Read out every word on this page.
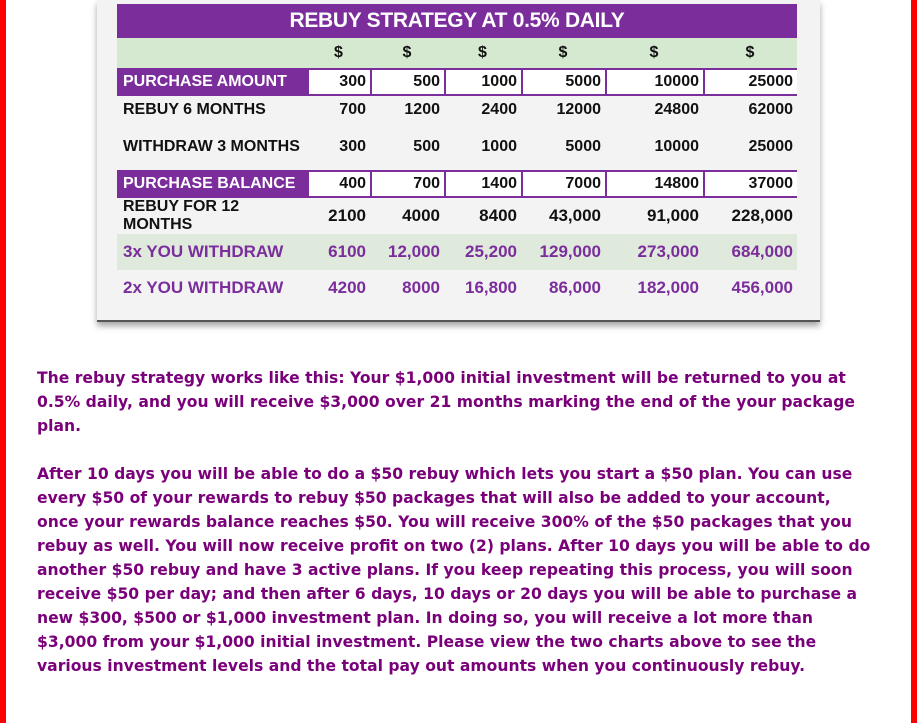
REBUY STRATEGY AT 0.5% DAILY
$	$	$	$	$	$
PURCHASE AMOUNT	300	500	1000	5000	10000	25000
REBUY 6 MONTHS	700	1200	2400	12000	24800	62000
WITHDRAW 3 MONTHS	300	500	1000	5000	10000	25000
PURCHASE BALANCE	400	700	1400	7000	14800	37000
REBUY FOR 12 MONTHS	2100	4000	8400	43,000	91,000	228,000
3x YOU WITHDRAW	6100	12,000	25,200	129,000	273,000	684,000
2x YOU WITHDRAW	4200	8000	16,800	86,000	182,000	456,000

The rebuy strategy works like this: Your $1,000 initial investment will be returned to you at 0.5% daily, and you will receive $3,000 over 21 months marking the end of the your package plan.

After 10 days you will be able to do a $50 rebuy which lets you start a $50 plan. You can use every $50 of your rewards to rebuy $50 packages that will also be added to your account, once your rewards balance reaches $50. You will receive 300% of the $50 packages that you rebuy as well. You will now receive profit on two (2) plans. After 10 days you will be able to do another $50 rebuy and have 3 active plans. If you keep repeating this process, you will soon receive $50 per day; and then after 6 days, 10 days or 20 days you will be able to purchase a new $300, $500 or $1,000 investment plan. In doing so, you will receive a lot more than $3,000 from your $1,000 initial investment. Please view the two charts above to see the various investment levels and the total pay out amounts when you continuously rebuy.
